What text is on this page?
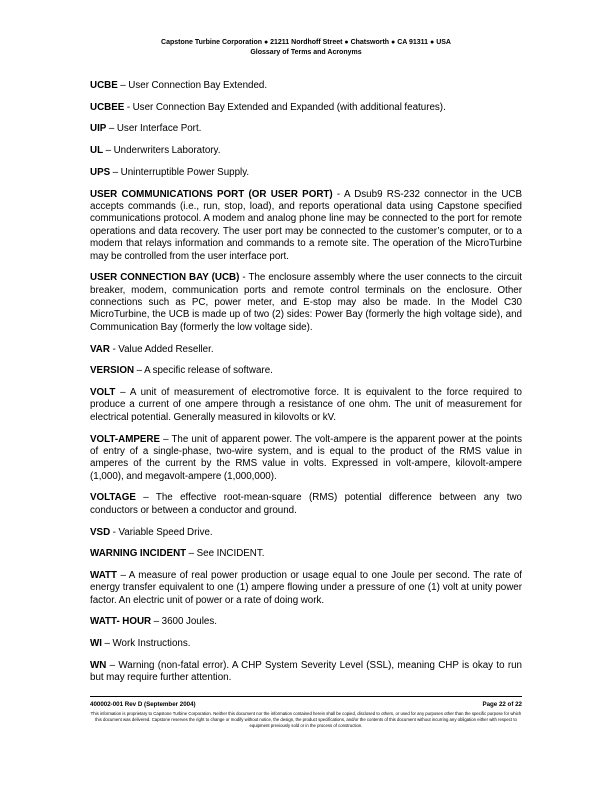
Capstone Turbine Corporation ● 21211 Nordhoff Street ● Chatsworth ● CA 91311 ● USA
Glossary of Terms and Acronyms

UCBE – User Connection Bay Extended.

UCBEE - User Connection Bay Extended and Expanded (with additional features).

UIP – User Interface Port.

UL – Underwriters Laboratory.

UPS – Uninterruptible Power Supply.

USER COMMUNICATIONS PORT (OR USER PORT) - A Dsub9 RS-232 connector in the UCB accepts commands (i.e., run, stop, load), and reports operational data using Capstone specified communications protocol. A modem and analog phone line may be connected to the port for remote operations and data recovery. The user port may be connected to the customer’s computer, or to a modem that relays information and commands to a remote site. The operation of the MicroTurbine may be controlled from the user interface port.

USER CONNECTION BAY (UCB) - The enclosure assembly where the user connects to the circuit breaker, modem, communication ports and remote control terminals on the enclosure. Other connections such as PC, power meter, and E-stop may also be made. In the Model C30 MicroTurbine, the UCB is made up of two (2) sides: Power Bay (formerly the high voltage side), and Communication Bay (formerly the low voltage side).

VAR - Value Added Reseller.

VERSION – A specific release of software.

VOLT – A unit of measurement of electromotive force. It is equivalent to the force required to produce a current of one ampere through a resistance of one ohm. The unit of measurement for electrical potential. Generally measured in kilovolts or kV.

VOLT-AMPERE – The unit of apparent power. The volt-ampere is the apparent power at the points of entry of a single-phase, two-wire system, and is equal to the product of the RMS value in amperes of the current by the RMS value in volts. Expressed in volt-ampere, kilovolt-ampere (1,000), and megavolt-ampere (1,000,000).

VOLTAGE – The effective root-mean-square (RMS) potential difference between any two conductors or between a conductor and ground.

VSD - Variable Speed Drive.

WARNING INCIDENT – See INCIDENT.

WATT – A measure of real power production or usage equal to one Joule per second. The rate of energy transfer equivalent to one (1) ampere flowing under a pressure of one (1) volt at unity power factor. An electric unit of power or a rate of doing work.

WATT- HOUR – 3600 Joules.

WI – Work Instructions.

WN – Warning (non-fatal error). A CHP System Severity Level (SSL), meaning CHP is okay to run but may require further attention.

400002-001 Rev D (September 2004)	Page 22 of 22
This information is proprietary to Capstone Turbine Corporation. Neither this document nor the information contained herein shall be copied, disclosed to others, or used for any purposes other than the specific purpose for which this document was delivered. Capstone reserves the right to change or modify without notice, the design, the product specifications, and/or the contents of this document without incurring any obligation either with respect to equipment previously sold or in the process of construction.
